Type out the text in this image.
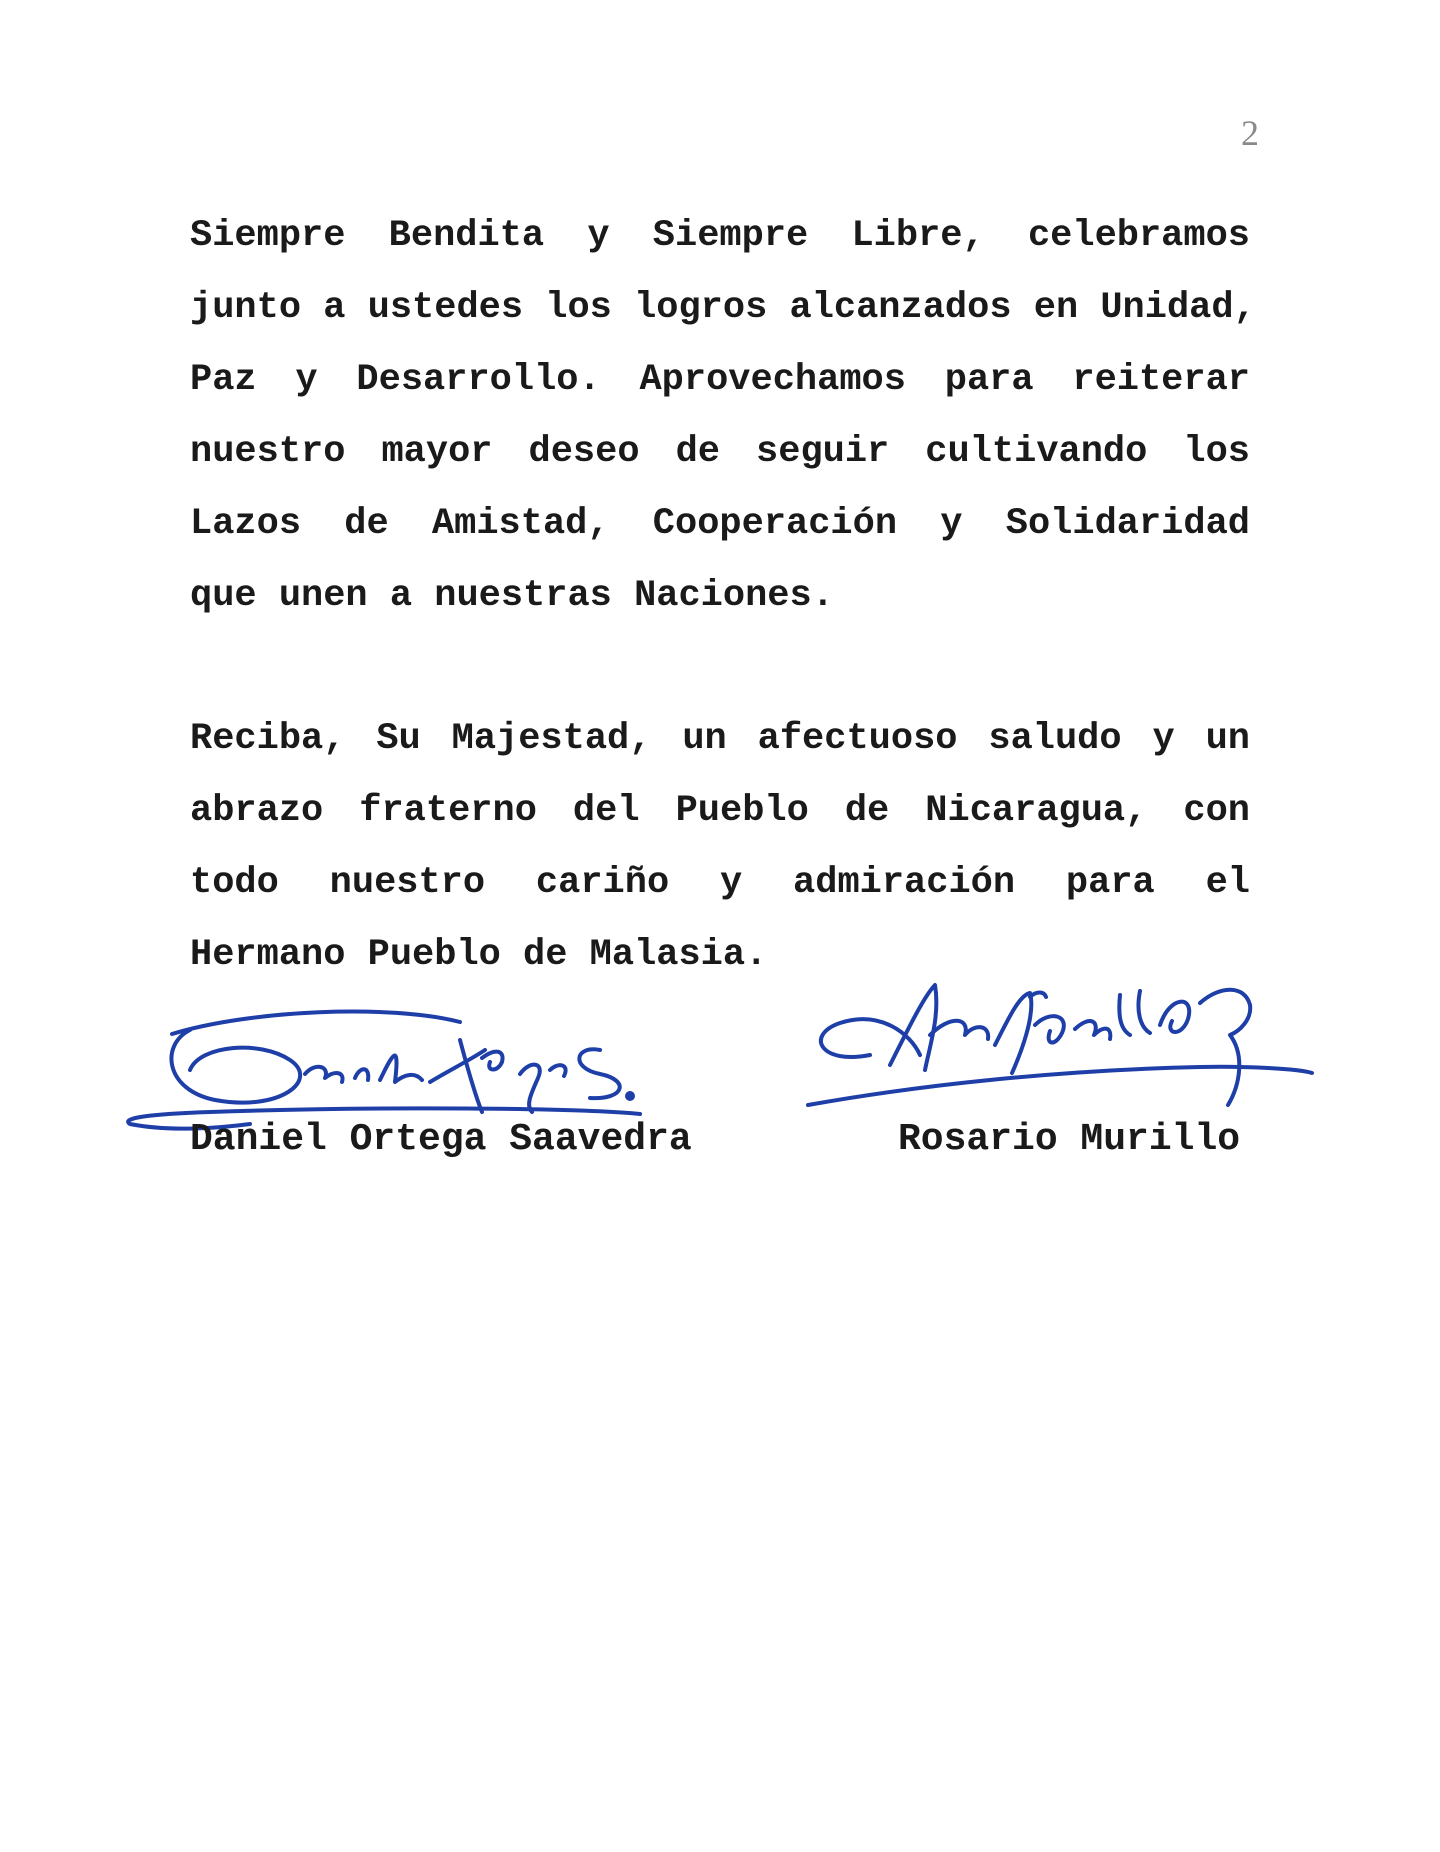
2

Siempre Bendita y Siempre Libre, celebramos
junto a ustedes los logros alcanzados en Unidad,
Paz y Desarrollo. Aprovechamos para reiterar
nuestro mayor deseo de seguir cultivando los
Lazos de Amistad, Cooperación y Solidaridad
que unen a nuestras Naciones.

Reciba, Su Majestad, un afectuoso saludo y un
abrazo fraterno del Pueblo de Nicaragua, con
todo nuestro cariño y admiración para el
Hermano Pueblo de Malasia.

Daniel Ortega Saavedra	Rosario Murillo
